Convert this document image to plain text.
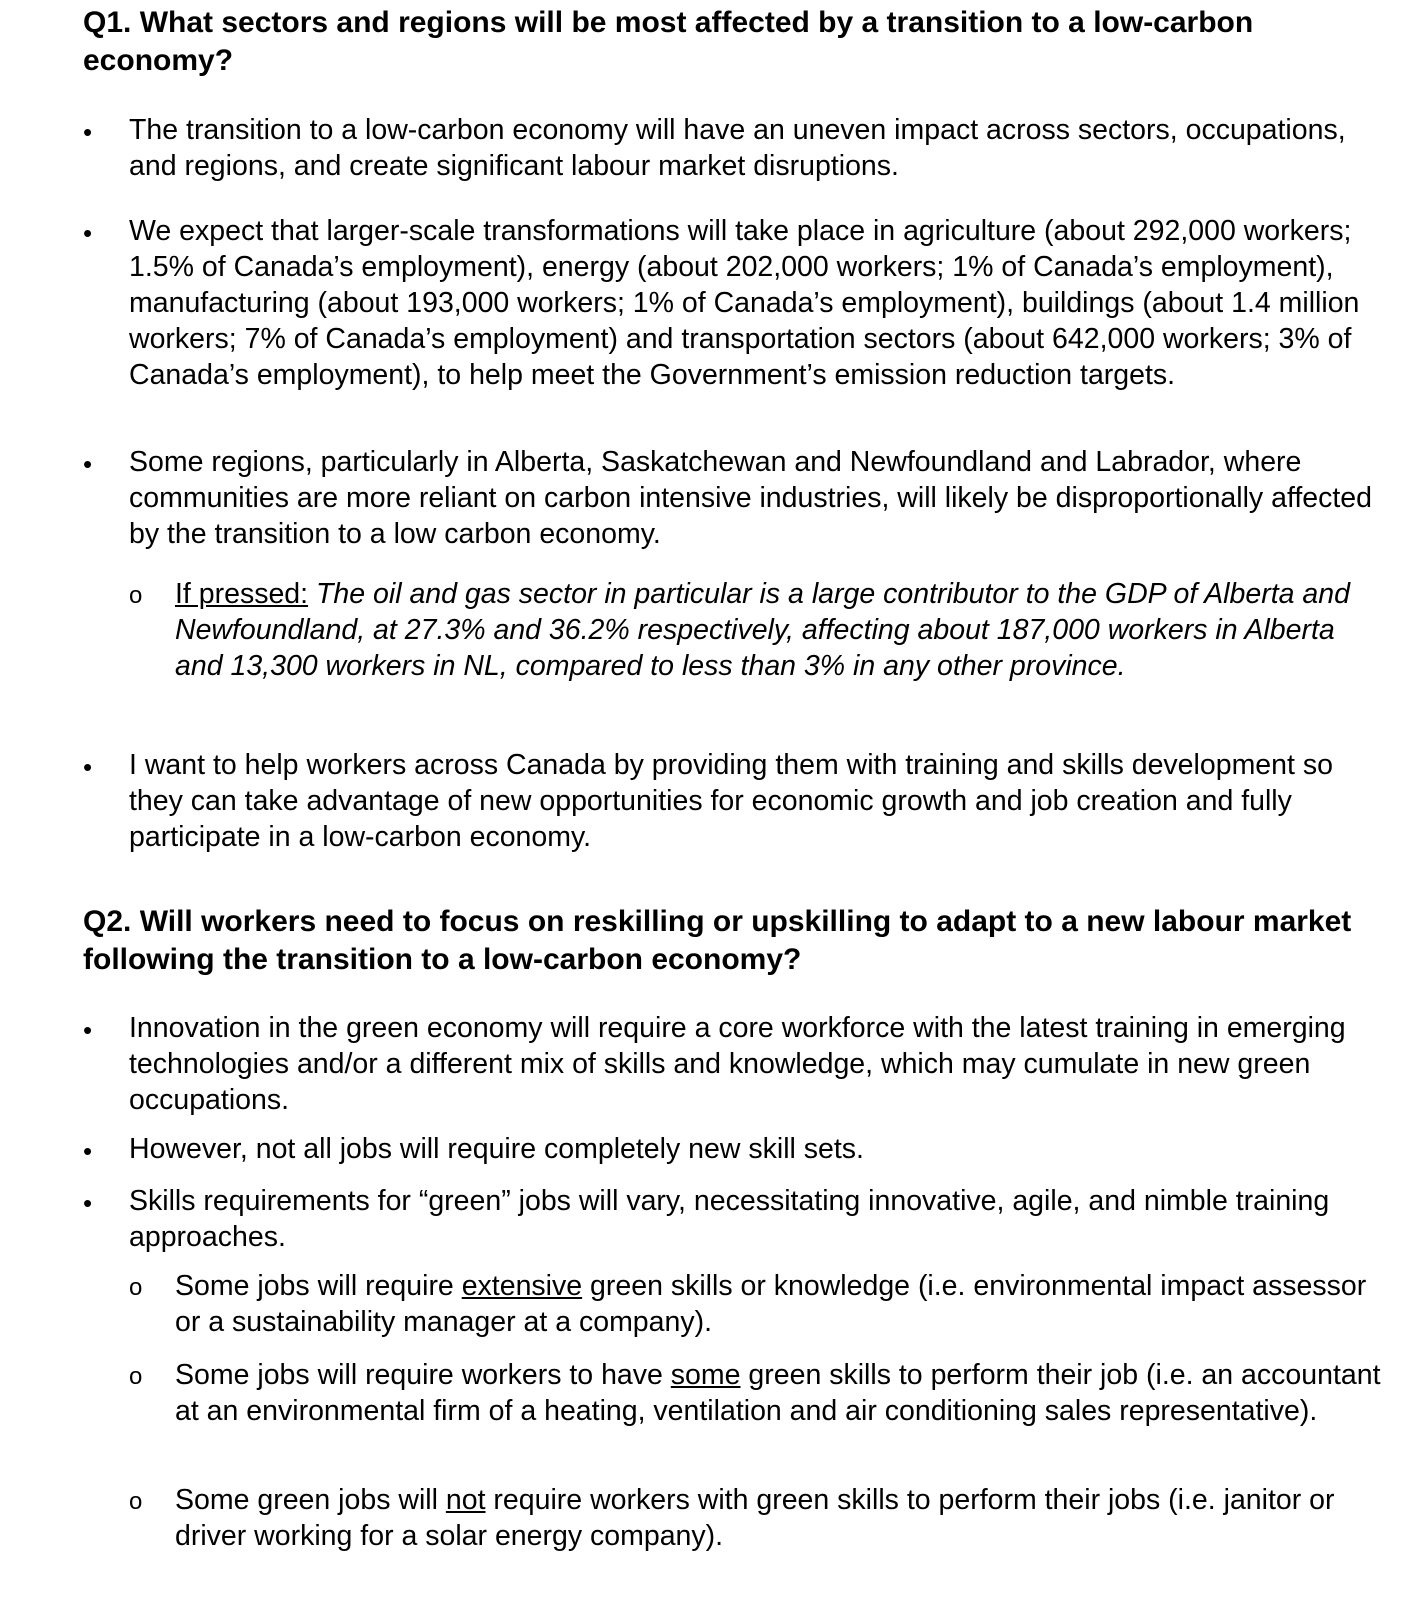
Q1. What sectors and regions will be most affected by a transition to a low-carbon economy?
•	The transition to a low-carbon economy will have an uneven impact across sectors, occupations, and regions, and create significant labour market disruptions.

•	We expect that larger-scale transformations will take place in agriculture (about 292,000 workers; 1.5% of Canada’s employment), energy (about 202,000 workers; 1% of Canada’s employment), manufacturing (about 193,000 workers; 1% of Canada’s employment), buildings (about 1.4 million workers; 7% of Canada’s employment) and transportation sectors (about 642,000 workers; 3% of Canada’s employment), to help meet the Government’s emission reduction targets.

•	Some regions, particularly in Alberta, Saskatchewan and Newfoundland and Labrador, where communities are more reliant on carbon intensive industries, will likely be disproportionally affected by the transition to a low carbon economy.

o If pressed: The oil and gas sector in particular is a large contributor to the GDP of Alberta and Newfoundland, at 27.3% and 36.2% respectively, affecting about 187,000 workers in Alberta and 13,300 workers in NL, compared to less than 3% in any other province.

•	I want to help workers across Canada by providing them with training and skills development so they can take advantage of new opportunities for economic growth and job creation and fully participate in a low-carbon economy.

Q2. Will workers need to focus on reskilling or upskilling to adapt to a new labour market following the transition to a low-carbon economy?
•	Innovation in the green economy will require a core workforce with the latest training in emerging technologies and/or a different mix of skills and knowledge, which may cumulate in new green occupations.

•	However, not all jobs will require completely new skill sets.

•	Skills requirements for “green” jobs will vary, necessitating innovative, agile, and nimble training approaches.

o Some jobs will require extensive green skills or knowledge (i.e. environmental impact assessor or a sustainability manager at a company).

o Some jobs will require workers to have some green skills to perform their job (i.e. an accountant at an environmental firm of a heating, ventilation and air conditioning sales representative).

o Some green jobs will not require workers with green skills to perform their jobs (i.e. janitor or driver working for a solar energy company).
